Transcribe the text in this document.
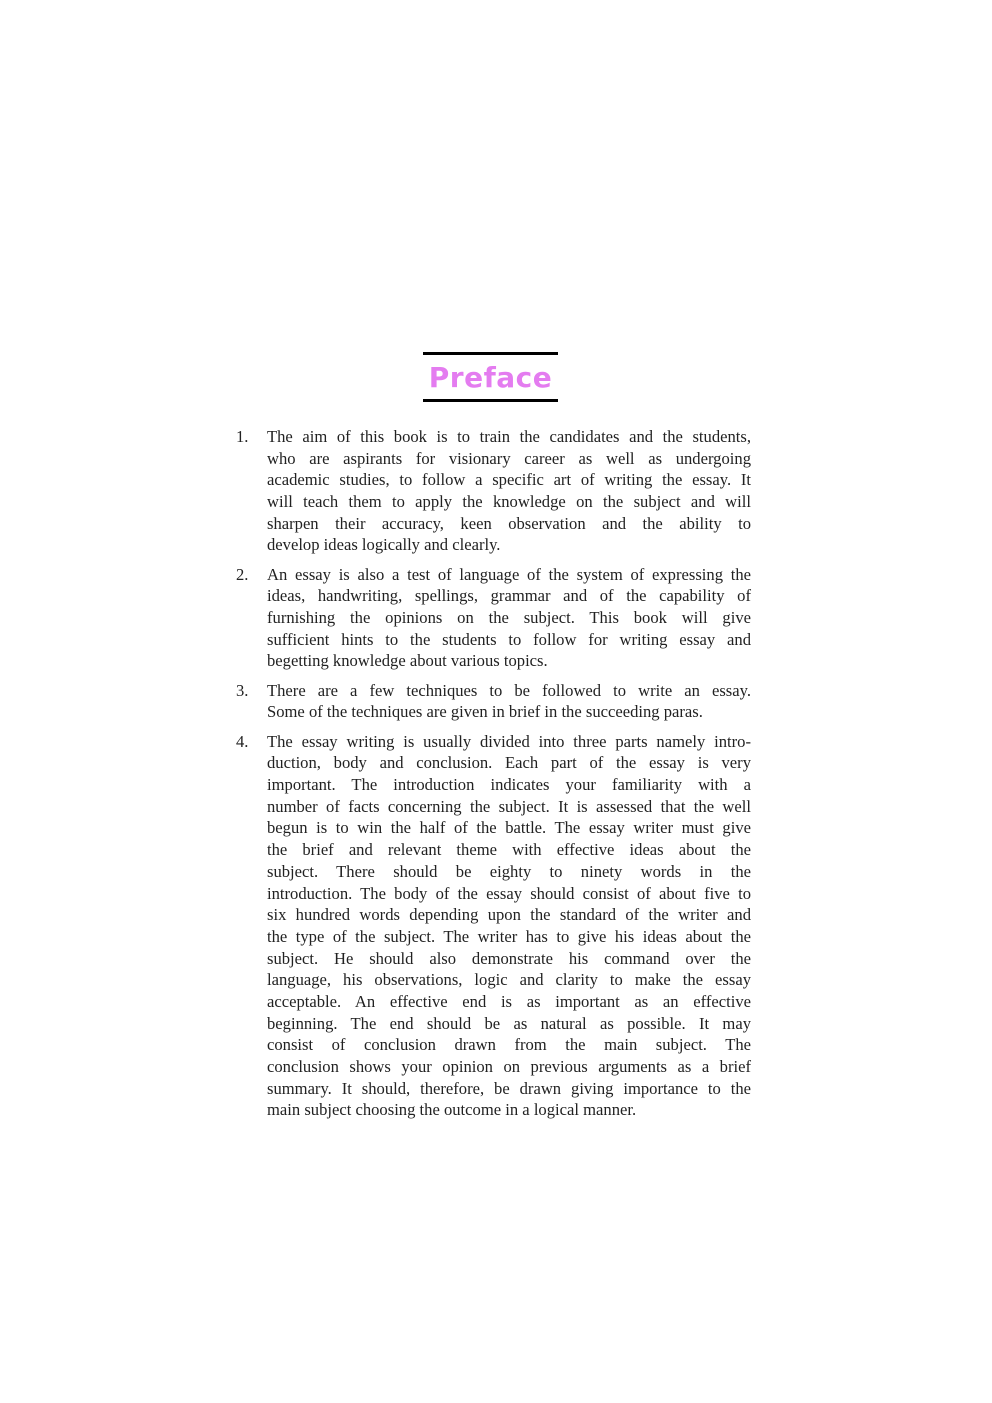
Preface
1. The aim of this book is to train the candidates and the students,
who are aspirants for visionary career as well as undergoing
academic studies, to follow a specific art of writing the essay. It
will teach them to apply the knowledge on the subject and will
sharpen their accuracy, keen observation and the ability to
develop ideas logically and clearly.
2. An essay is also a test of language of the system of expressing the
ideas, handwriting, spellings, grammar and of the capability of
furnishing the opinions on the subject. This book will give
sufficient hints to the students to follow for writing essay and
begetting knowledge about various topics.
3. There are a few techniques to be followed to write an essay.
Some of the techniques are given in brief in the succeeding paras.
4. The essay writing is usually divided into three parts namely intro-
duction, body and conclusion. Each part of the essay is very
important. The introduction indicates your familiarity with a
number of facts concerning the subject. It is assessed that the well
begun is to win the half of the battle. The essay writer must give
the brief and relevant theme with effective ideas about the
subject. There should be eighty to ninety words in the
introduction. The body of the essay should consist of about five to
six hundred words depending upon the standard of the writer and
the type of the subject. The writer has to give his ideas about the
subject. He should also demonstrate his command over the
language, his observations, logic and clarity to make the essay
acceptable. An effective end is as important as an effective
beginning. The end should be as natural as possible. It may
consist of conclusion drawn from the main subject. The
conclusion shows your opinion on previous arguments as a brief
summary. It should, therefore, be drawn giving importance to the
main subject choosing the outcome in a logical manner.
